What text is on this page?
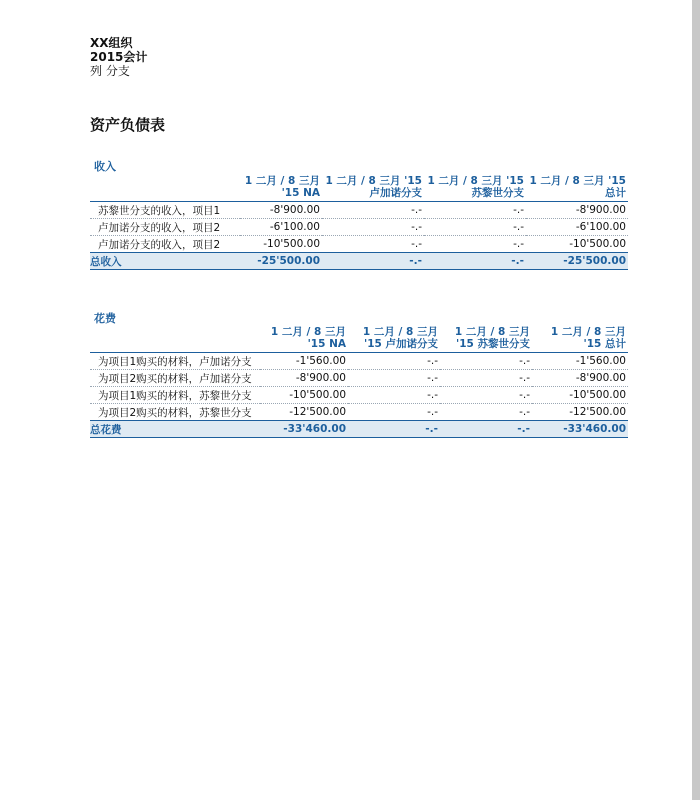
XX组织
2015会计
列 分支
资产负债表
收入
	1 二月 / 8 三月 '15 NA	1 二月 / 8 三月 '15 卢加诺分支	1 二月 / 8 三月 '15 苏黎世分支	1 二月 / 8 三月 '15 总计
苏黎世分支的收入，项目1	-8'900.00	-.-	-.-	-8'900.00
卢加诺分支的收入，项目2	-6'100.00	-.-	-.-	-6'100.00
卢加诺分支的收入，项目2	-10'500.00	-.-	-.-	-10'500.00
总收入	-25'500.00	-.-	-.-	-25'500.00
花费
	1 二月 / 8 三月 '15 NA	1 二月 / 8 三月 '15 卢加诺分支	1 二月 / 8 三月 '15 苏黎世分支	1 二月 / 8 三月 '15 总计
为项目1购买的材料，卢加诺分支	-1'560.00	-.-	-.-	-1'560.00
为项目2购买的材料，卢加诺分支	-8'900.00	-.-	-.-	-8'900.00
为项目1购买的材料，苏黎世分支	-10'500.00	-.-	-.-	-10'500.00
为项目2购买的材料，苏黎世分支	-12'500.00	-.-	-.-	-12'500.00
总花费	-33'460.00	-.-	-.-	-33'460.00
